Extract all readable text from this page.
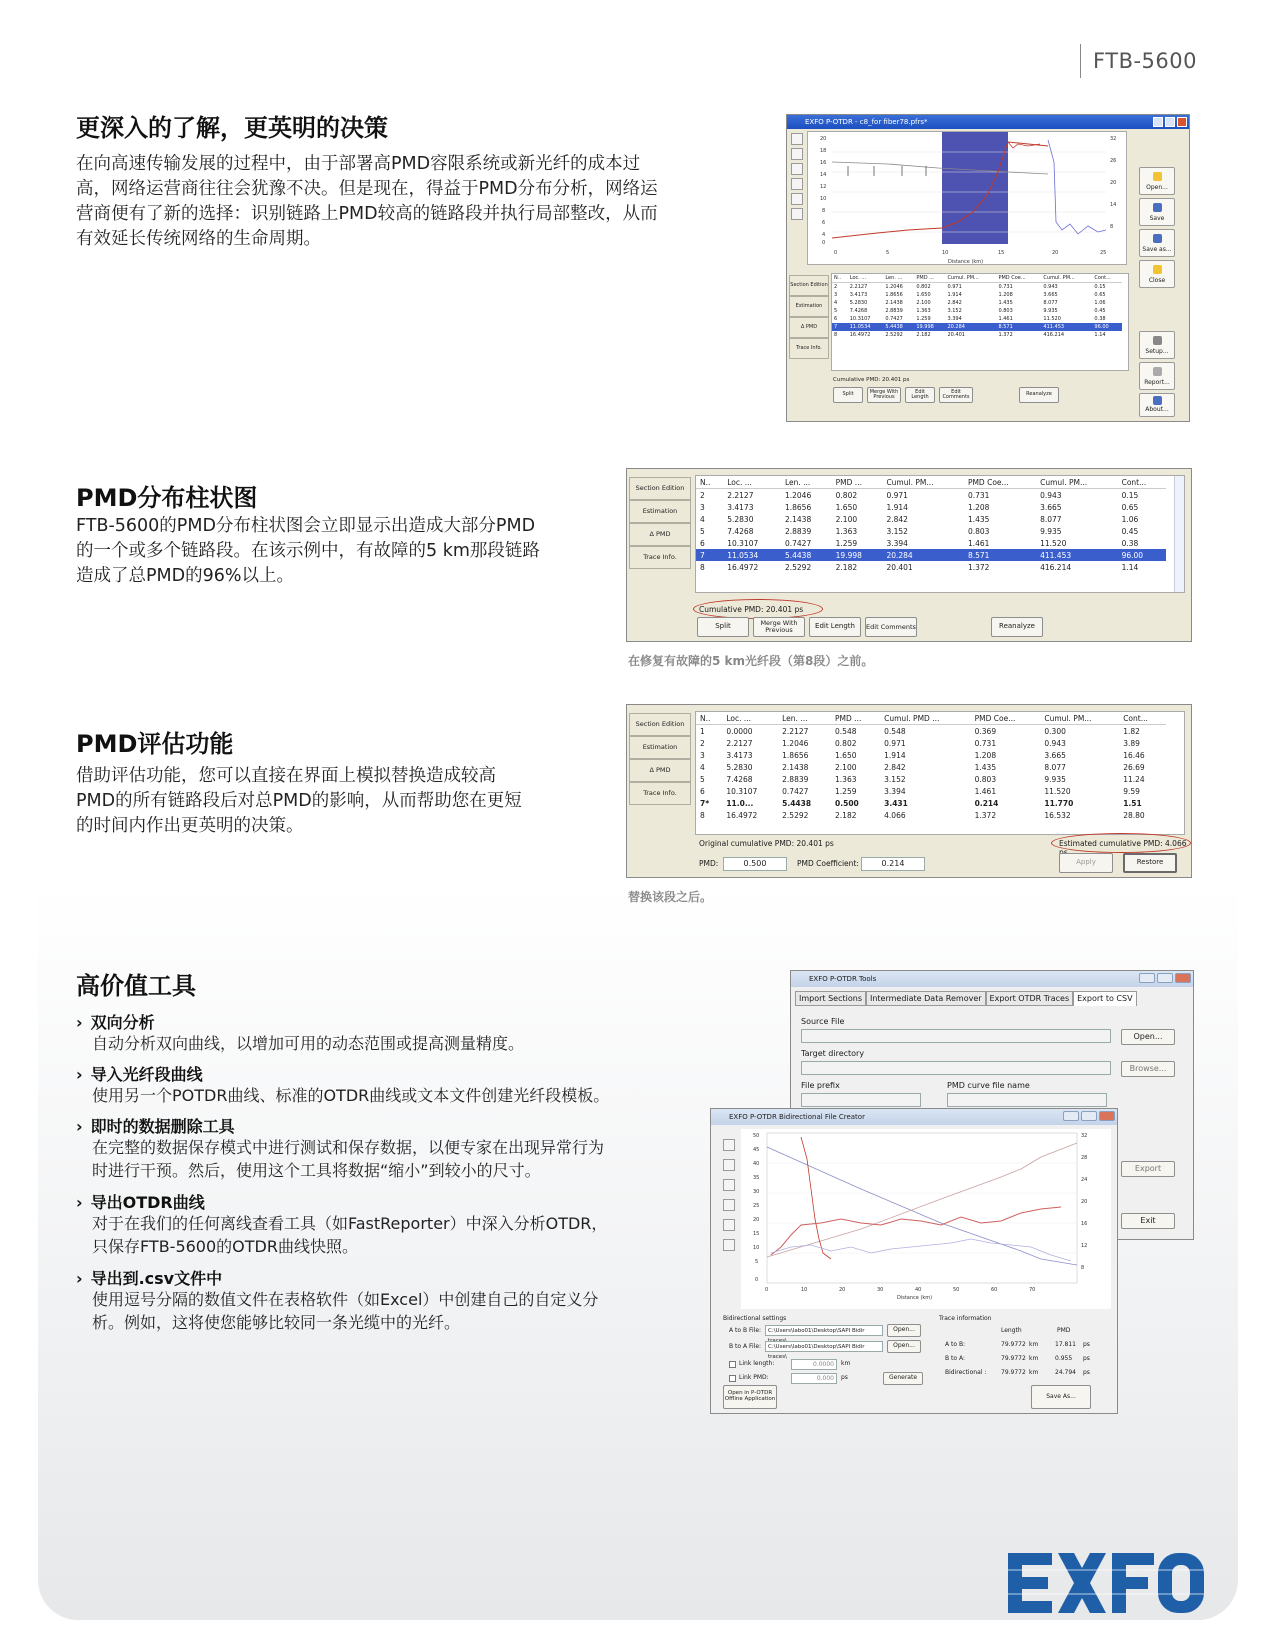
FTB-5600
更深入的了解，更英明的决策
在向高速传输发展的过程中，由于部署高PMD容限系统或新光纤的成本过
高，网络运营商往往会犹豫不决。但是现在，得益于PMD分布分析，网络运
营商便有了新的选择：识别链路上PMD较高的链路段并执行局部整改，从而
有效延长传统网络的生命周期。
EXFO P-OTDR - c8_for fiber78.pfrs*
0	5	10	15	20	25
Distance (km)
20
18
16
14
12
10
8
6
4
0
32
26
20
14
8
Open...
Save
Save as...
Close
Setup...
Report...
About...
Section Edition
Estimation
Δ PMD
Trace Info.
N..	Loc. ...	Len. ...	PMD ...	Cumul. PM...	PMD Coe...	Cumul. PM...	Cont...
2	2.2127	1.2046	0.802	0.971	0.731	0.943	0.15
3	3.4173	1.8656	1.650	1.914	1.208	3.665	0.65
4	5.2830	2.1438	2.100	2.842	1.435	8.077	1.06
5	7.4268	2.8839	1.363	3.152	0.803	9.935	0.45
6	10.3107	0.7427	1.259	3.394	1.461	11.520	0.38
7	11.0534	5.4438	19.998	20.284	8.571	411.453	96.00
8	16.4972	2.5292	2.182	20.401	1.372	416.214	1.14
Cumulative PMD: 20.401 ps
Split	Merge With Previous
Edit Length
Edit Comments	Reanalyze
PMD分布柱状图
FTB-5600的PMD分布柱状图会立即显示出造成大部分PMD
的一个或多个链路段。在该示例中，有故障的5 km那段链路
造成了总PMD的96%以上。
Section Edition
Estimation
Δ PMD
Trace Info.
N..	Loc. ...	Len. ...	PMD ...	Cumul. PM...	PMD Coe...	Cumul. PM...	Cont...
2	2.2127	1.2046	0.802	0.971	0.731	0.943	0.15
3	3.4173	1.8656	1.650	1.914	1.208	3.665	0.65
4	5.2830	2.1438	2.100	2.842	1.435	8.077	1.06
5	7.4268	2.8839	1.363	3.152	0.803	9.935	0.45
6	10.3107	0.7427	1.259	3.394	1.461	11.520	0.38
7	11.0534	5.4438	19.998	20.284	8.571	411.453	96.00
8	16.4972	2.5292	2.182	20.401	1.372	416.214	1.14
Cumulative PMD: 20.401 ps
Split	Merge With Previous	Edit Length	Edit Comments	Reanalyze
在修复有故障的5 km光纤段（第8段）之前。
PMD评估功能
借助评估功能，您可以直接在界面上模拟替换造成较高
PMD的所有链路段后对总PMD的影响，从而帮助您在更短
的时间内作出更英明的决策。
Section Edition
Estimation
Δ PMD
Trace Info.
N..	Loc. ...	Len. ...	PMD ...	Cumul. PMD ...	PMD Coe...	Cumul. PM...	Cont...
1	0.0000	2.2127	0.548	0.548	0.369	0.300	1.82
2	2.2127	1.2046	0.802	0.971	0.731	0.943	3.89
3	3.4173	1.8656	1.650	1.914	1.208	3.665	16.46
4	5.2830	2.1438	2.100	2.842	1.435	8.077	26.69
5	7.4268	2.8839	1.363	3.152	0.803	9.935	11.24
6	10.3107	0.7427	1.259	3.394	1.461	11.520	9.59
7*	11.0...	5.4438	0.500	3.431	0.214	11.770	1.51
8	16.4972	2.5292	2.182	4.066	1.372	16.532	28.80
Original cumulative PMD: 20.401 ps	Estimated cumulative PMD: 4.066
PMD:	0.500	PMD Coefficient:	0.214	Apply	Restore
替换该段之后。
高价值工具
› 双向分析
自动分析双向曲线，以增加可用的动态范围或提高测量精度。
› 导入光纤段曲线
使用另一个POTDR曲线、标准的OTDR曲线或文本文件创建光纤段模板。
› 即时的数据删除工具
在完整的数据保存模式中进行测试和保存数据，以便专家在出现异常行为
时进行干预。然后，使用这个工具将数据“缩小”到较小的尺寸。
› 导出OTDR曲线
对于在我们的任何离线查看工具（如FastReporter）中深入分析OTDR，
只保存FTB-5600的OTDR曲线快照。
› 导出到.csv文件中
使用逗号分隔的数值文件在表格软件（如Excel）中创建自己的自定义分
析。例如，这将使您能够比较同一条光缆中的光纤。
EXFO P-OTDR Tools
Import Sections	Intermediate Data Remover	Export OTDR Traces	Export to CSV
Source File
Open...
Target directory
Browse...
File prefix	PMD curve file name
Export
Exit
EXFO P-OTDR Bidirectional File Creator
0	10	20	30	40	50	60	70
Distance (km)
50
45
40
35
30
25
20
15
10
5
0
32
28
24
20
16
12
8
Bidirectional settings
A to B File:	C:\Users\labo01\Desktop\SAPI Bidir	Open...
B to A File:	C:\Users\labo01\Desktop\SAPI Bidir traces\
Open...
Link length:	0.0000	km
Link PMD:	0.000	ps	Generate
Trace information
Length	PMD
A to B:	79.9772 km	17.811 ps
B to A:	79.9772 km	0.955 ps
Bidirectional : 79.9772 km	24.794 ps
Open in P-OTDR Offline Application	Save As...
